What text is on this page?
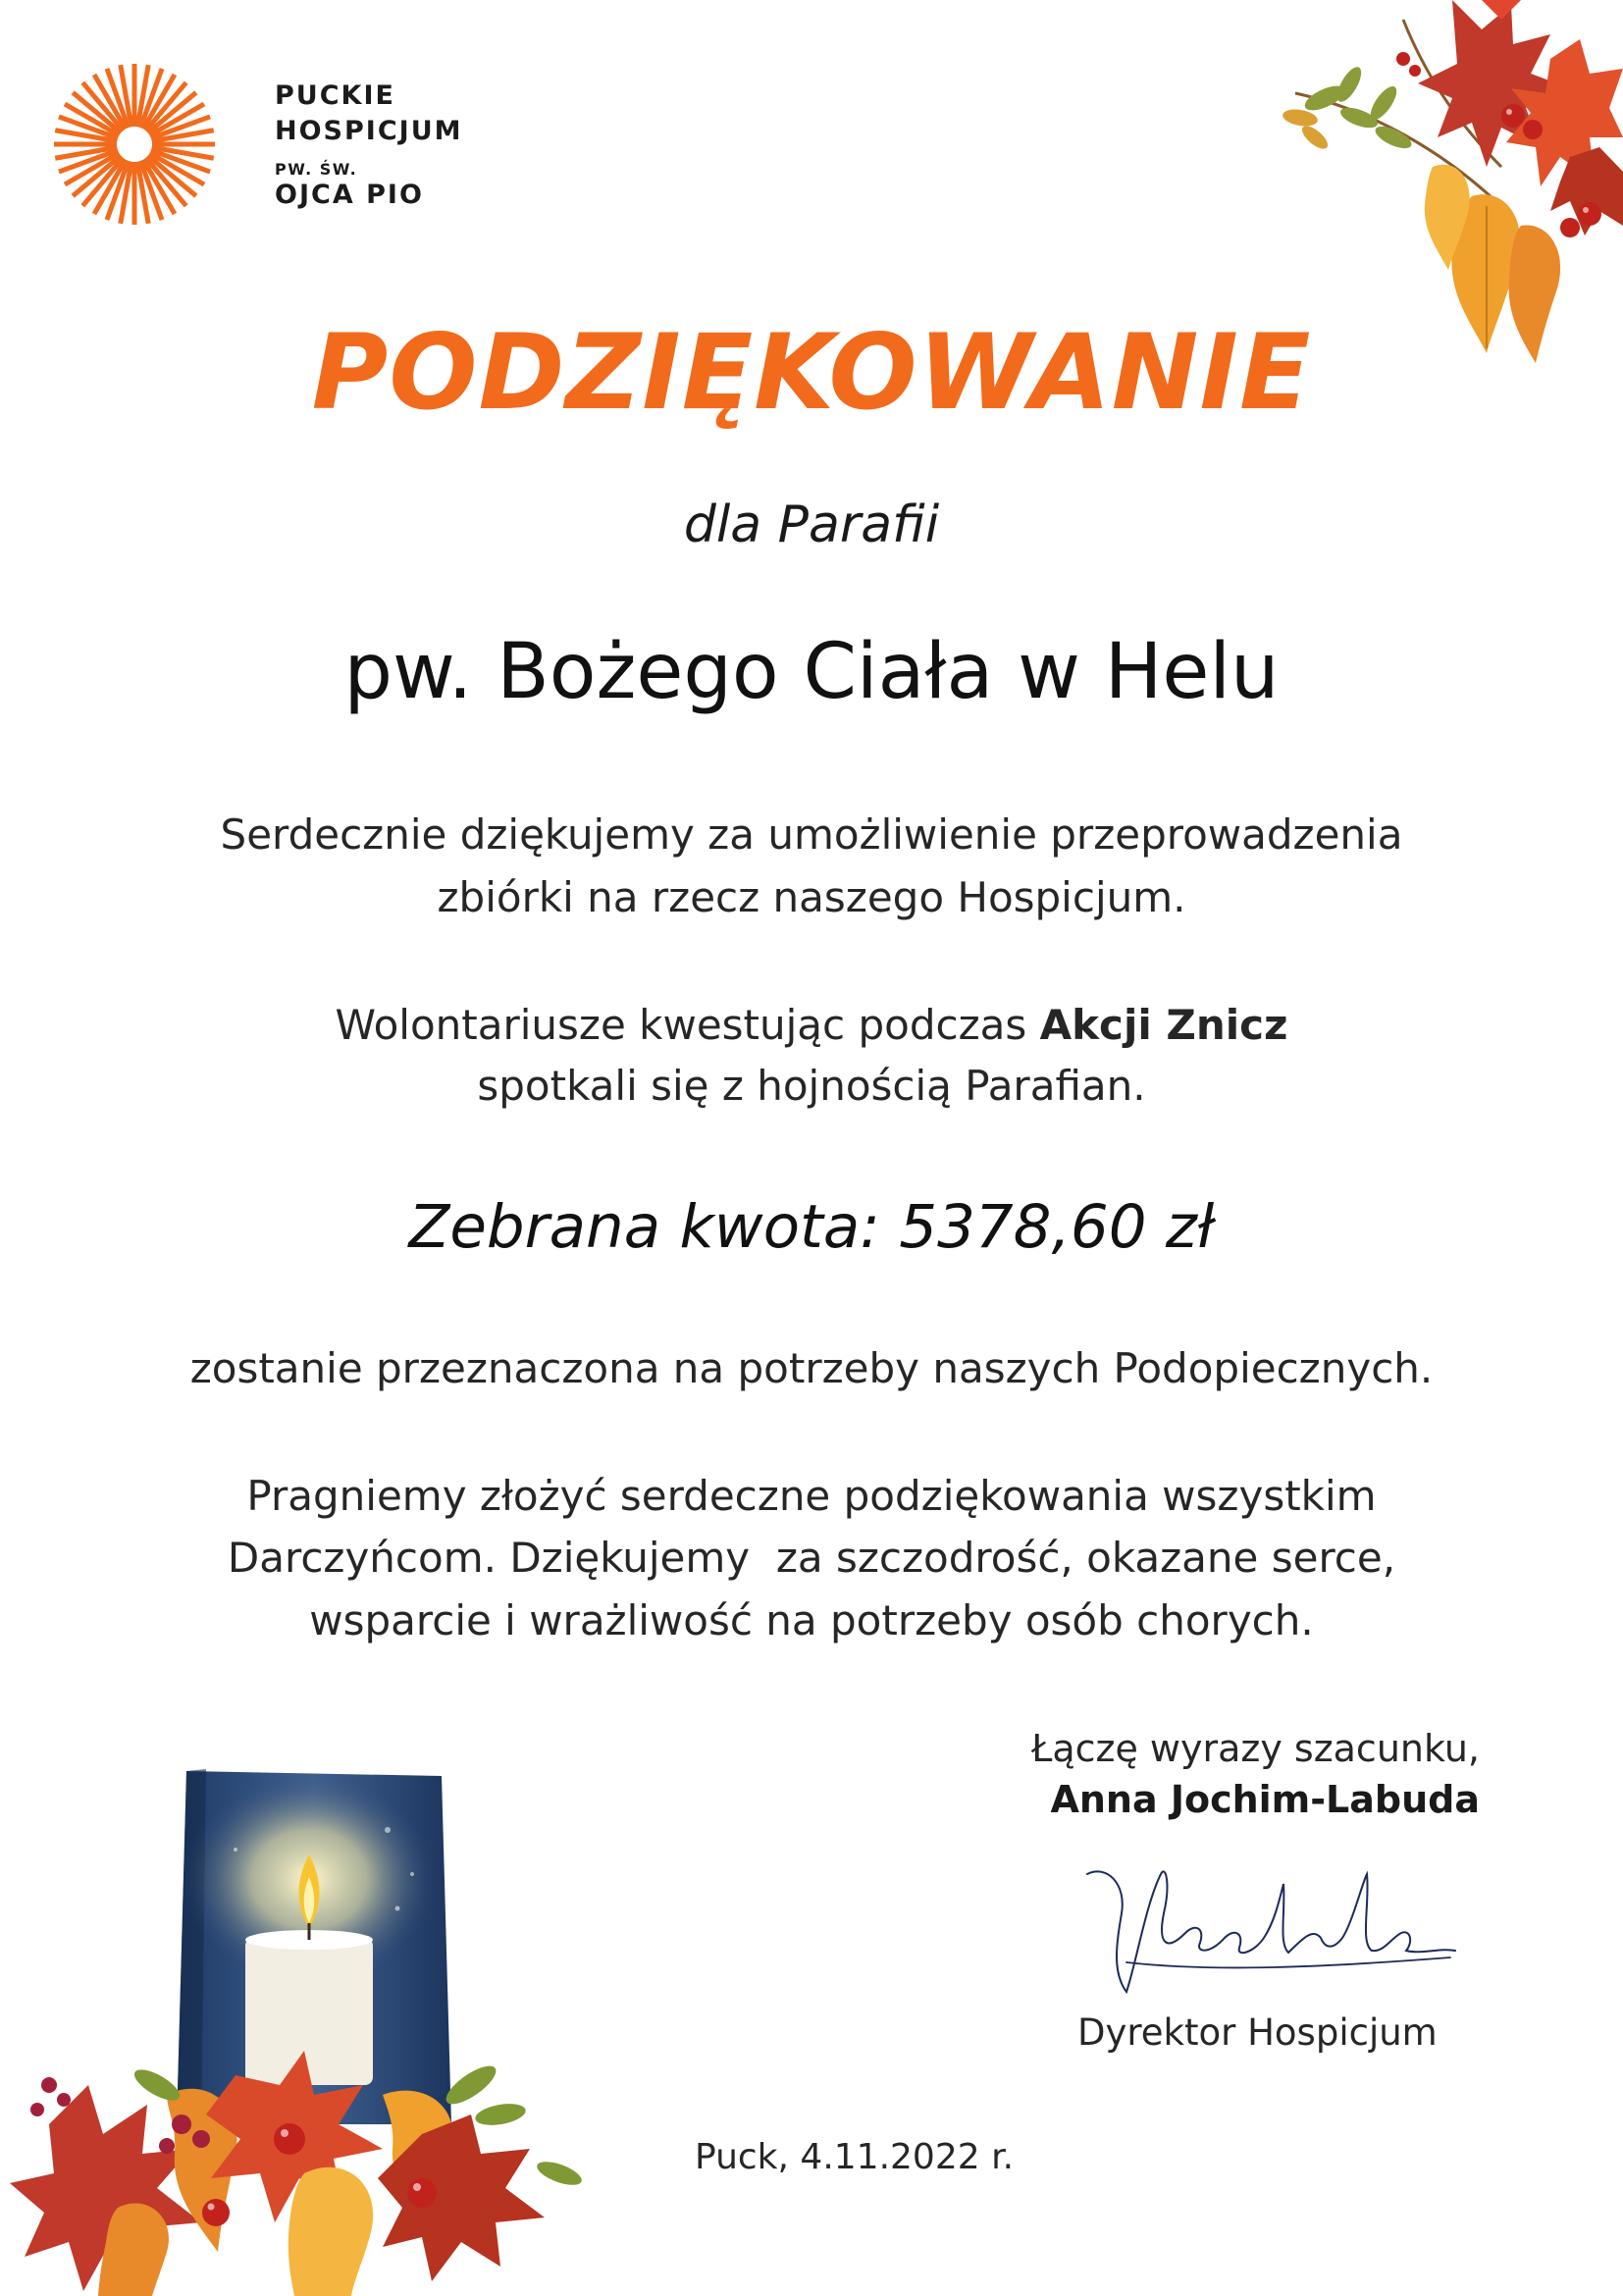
PUCKIE
HOSPICJUM
PW. ŚW.
OJCA PIO
PODZIĘKOWANIE
dla Parafii
pw. Bożego Ciała w Helu
Serdecznie dziękujemy za umożliwienie przeprowadzenia
zbiórki na rzecz naszego Hospicjum.
Wolontariusze kwestując podczas Akcji Znicz
spotkali się z hojnością Parafian.
Zebrana kwota: 5378,60 zł
zostanie przeznaczona na potrzeby naszych Podopiecznych.
Pragniemy złożyć serdeczne podziękowania wszystkim
Darczyńcom. Dziękujemy  za szczodrość, okazane serce,
wsparcie i wrażliwość na potrzeby osób chorych.
Łączę wyrazy szacunku,
Anna Jochim-Labuda
Dyrektor Hospicjum
Puck, 4.11.2022 r.
